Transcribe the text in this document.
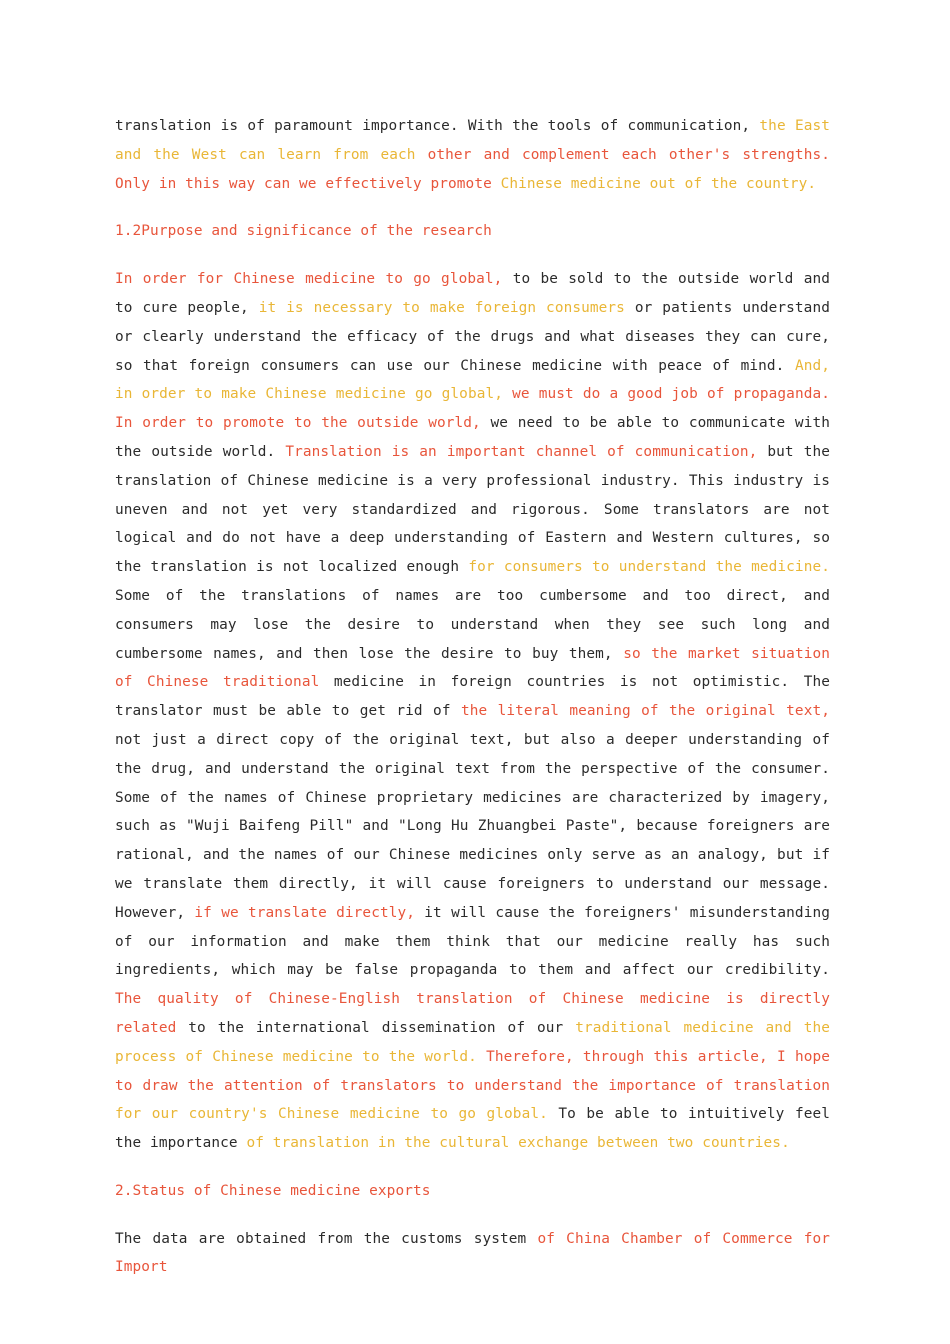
translation is of paramount importance. With the tools of communication, the East and the West can learn from each other and complement each other's strengths. Only in this way can we effectively promote Chinese medicine out of the country.

1.2Purpose and significance of the research

In order for Chinese medicine to go global, to be sold to the outside world and to cure people, it is necessary to make foreign consumers or patients understand or clearly understand the efficacy of the drugs and what diseases they can cure, so that foreign consumers can use our Chinese medicine with peace of mind. And, in order to make Chinese medicine go global, we must do a good job of propaganda. In order to promote to the outside world, we need to be able to communicate with the outside world. Translation is an important channel of communication, but the translation of Chinese medicine is a very professional industry. This industry is uneven and not yet very standardized and rigorous. Some translators are not logical and do not have a deep understanding of Eastern and Western cultures, so the translation is not localized enough for consumers to understand the medicine. Some of the translations of names are too cumbersome and too direct, and consumers may lose the desire to understand when they see such long and cumbersome names, and then lose the desire to buy them, so the market situation of Chinese traditional medicine in foreign countries is not optimistic. The translator must be able to get rid of the literal meaning of the original text, not just a direct copy of the original text, but also a deeper understanding of the drug, and understand the original text from the perspective of the consumer. Some of the names of Chinese proprietary medicines are characterized by imagery, such as "Wuji Baifeng Pill" and "Long Hu Zhuangbei Paste", because foreigners are rational, and the names of our Chinese medicines only serve as an analogy, but if we translate them directly, it will cause foreigners to understand our message. However, if we translate directly, it will cause the foreigners' misunderstanding of our information and make them think that our medicine really has such ingredients, which may be false propaganda to them and affect our credibility. The quality of Chinese-English translation of Chinese medicine is directly related to the international dissemination of our traditional medicine and the process of Chinese medicine to the world. Therefore, through this article, I hope to draw the attention of translators to understand the importance of translation for our country's Chinese medicine to go global. To be able to intuitively feel the importance of translation in the cultural exchange between two countries.

2.Status of Chinese medicine exports

The data are obtained from the customs system of China Chamber of Commerce for Import
